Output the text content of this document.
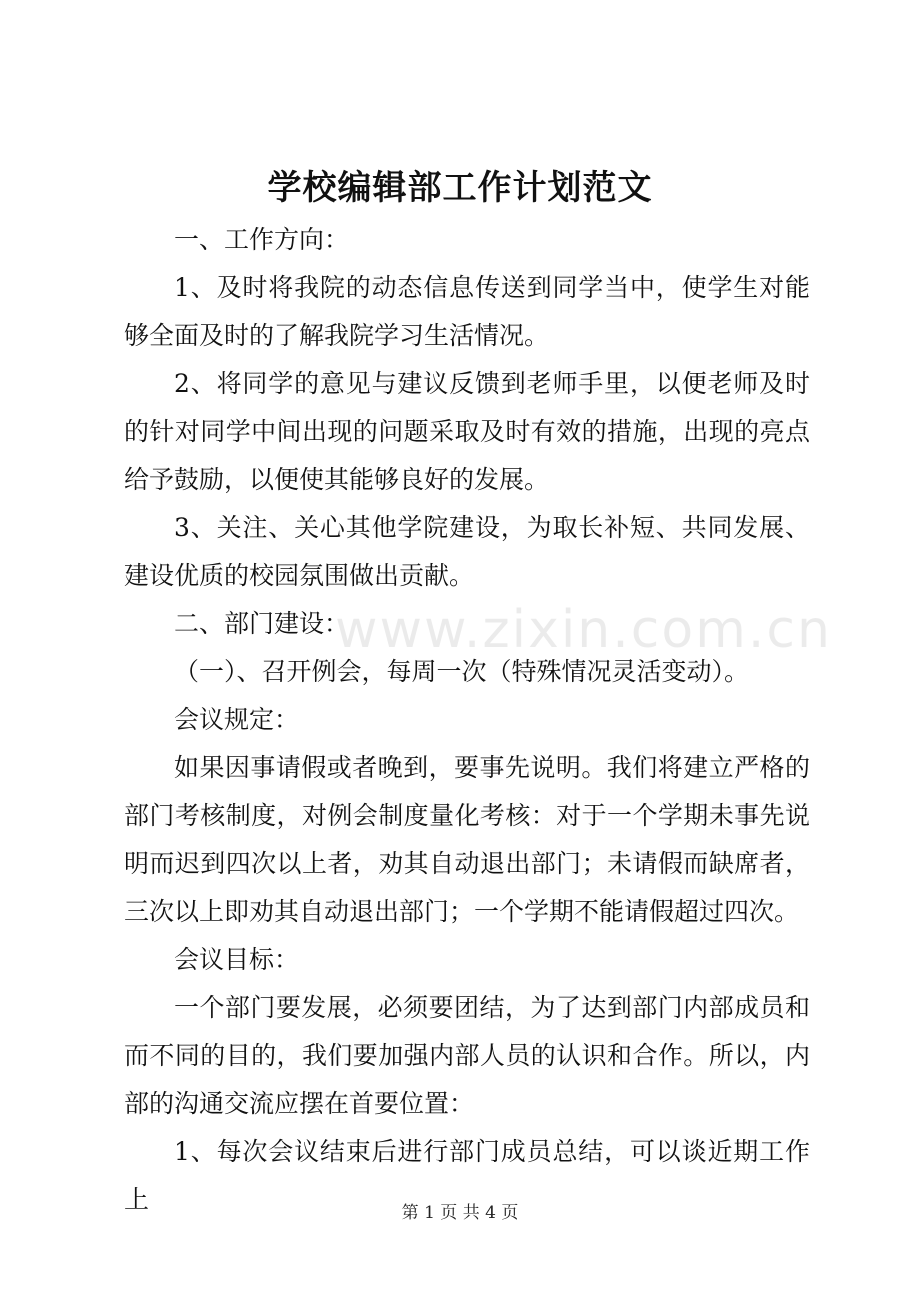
学校编辑部工作计划范文

一、工作方向：

1、及时将我院的动态信息传送到同学当中，使学生对能够全面及时的了解我院学习生活情况。

2、将同学的意见与建议反馈到老师手里，以便老师及时的针对同学中间出现的问题采取及时有效的措施，出现的亮点给予鼓励，以便使其能够良好的发展。

3、关注、关心其他学院建设，为取长补短、共同发展、建设优质的校园氛围做出贡献。

二、部门建设：

（一）、召开例会，每周一次（特殊情况灵活变动）。

会议规定：

如果因事请假或者晚到，要事先说明。我们将建立严格的部门考核制度，对例会制度量化考核：对于一个学期未事先说明而迟到四次以上者，劝其自动退出部门；未请假而缺席者，三次以上即劝其自动退出部门；一个学期不能请假超过四次。

会议目标：

一个部门要发展，必须要团结，为了达到部门内部成员和而不同的目的，我们要加强内部人员的认识和合作。所以，内部的沟通交流应摆在首要位置：

1、每次会议结束后进行部门成员总结，可以谈近期工作上

www.zixin.com.cn
第 1 页 共 4 页
